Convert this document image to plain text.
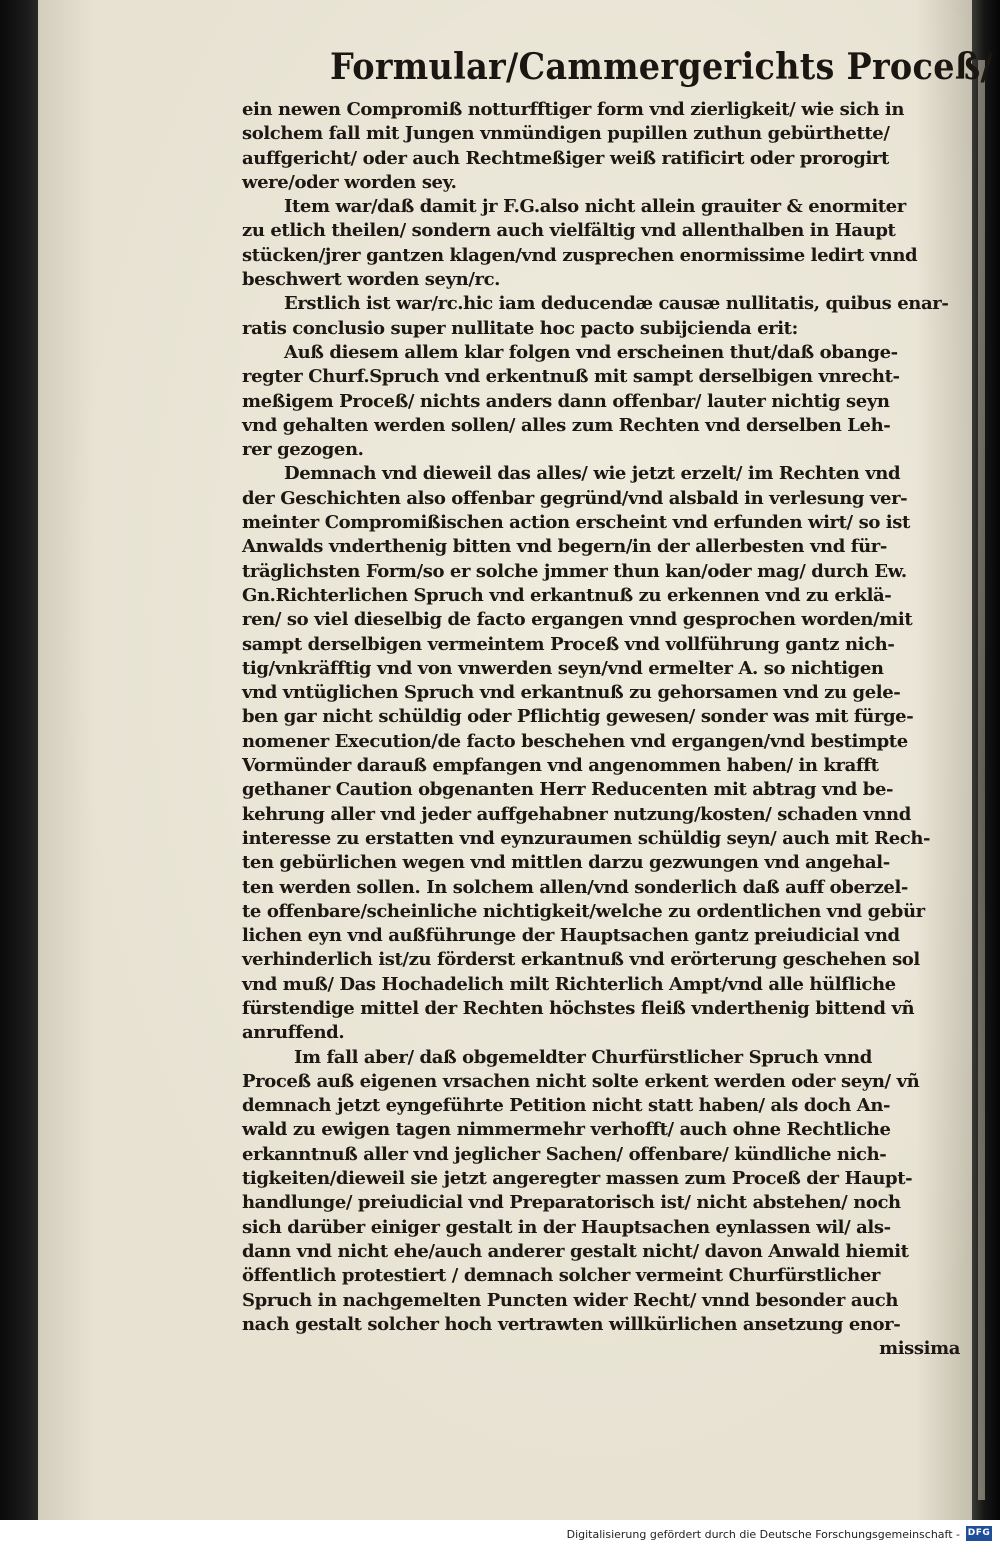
Formular/Cammergerichts Proceß/
ein newen Compromiß notturfftiger form vnd zierligkeit/ wie sich in
solchem fall mit Jungen vnmündigen pupillen zuthun gebürthette/
auffgericht/ oder auch Rechtmeßiger weiß ratificirt oder prorogirt
were/oder worden sey.
Item war/daß damit jr F.G.also nicht allein grauiter & enormiter
zu etlich theilen/ sondern auch vielfältig vnd allenthalben in Haupt
stücken/jrer gantzen klagen/vnd zusprechen enormissime ledirt vnnd
beschwert worden seyn/rc.
Erstlich ist war/rc.hic iam deducendæ causæ nullitatis, quibus enar-
ratis conclusio super nullitate hoc pacto subijcienda erit:
Auß diesem allem klar folgen vnd erscheinen thut/daß obange-
regter Churf.Spruch vnd erkentnuß mit sampt derselbigen vnrecht-
meßigem Proceß/ nichts anders dann offenbar/ lauter nichtig seyn
vnd gehalten werden sollen/ alles zum Rechten vnd derselben Leh-
rer gezogen.
Demnach vnd dieweil das alles/ wie jetzt erzelt/ im Rechten vnd
der Geschichten also offenbar gegründ/vnd alsbald in verlesung ver-
meinter Compromißischen action erscheint vnd erfunden wirt/ so ist
Anwalds vnderthenig bitten vnd begern/in der allerbesten vnd für-
träglichsten Form/so er solche jmmer thun kan/oder mag/ durch Ew.
Gn.Richterlichen Spruch vnd erkantnuß zu erkennen vnd zu erklä-
ren/ so viel dieselbig de facto ergangen vnnd gesprochen worden/mit
sampt derselbigen vermeintem Proceß vnd vollführung gantz nich-
tig/vnkräfftig vnd von vnwerden seyn/vnd ermelter A. so nichtigen
vnd vntüglichen Spruch vnd erkantnuß zu gehorsamen vnd zu gele-
ben gar nicht schüldig oder Pflichtig gewesen/ sonder was mit fürge-
nomener Execution/de facto beschehen vnd ergangen/vnd bestimpte
Vormünder darauß empfangen vnd angenommen haben/ in krafft
gethaner Caution obgenanten Herr Reducenten mit abtrag vnd be-
kehrung aller vnd jeder auffgehabner nutzung/kosten/ schaden vnnd
interesse zu erstatten vnd eynzuraumen schüldig seyn/ auch mit Rech-
ten gebürlichen wegen vnd mittlen darzu gezwungen vnd angehal-
ten werden sollen. In solchem allen/vnd sonderlich daß auff oberzel-
te offenbare/scheinliche nichtigkeit/welche zu ordentlichen vnd gebür
lichen eyn vnd außführunge der Hauptsachen gantz preiudicial vnd
verhinderlich ist/zu förderst erkantnuß vnd erörterung geschehen sol
vnd muß/ Das Hochadelich milt Richterlich Ampt/vnd alle hülfliche
fürstendige mittel der Rechten höchstes fleiß vnderthenig bittend vñ
anruffend.
Im fall aber/ daß obgemeldter Churfürstlicher Spruch vnnd
Proceß auß eigenen vrsachen nicht solte erkent werden oder seyn/ vñ
demnach jetzt eyngeführte Petition nicht statt haben/ als doch An-
wald zu ewigen tagen nimmermehr verhofft/ auch ohne Rechtliche
erkanntnuß aller vnd jeglicher Sachen/ offenbare/ kündliche nich-
tigkeiten/dieweil sie jetzt angeregter massen zum Proceß der Haupt-
handlunge/ preiudicial vnd Preparatorisch ist/ nicht abstehen/ noch
sich darüber einiger gestalt in der Hauptsachen eynlassen wil/ als-
dann vnd nicht ehe/auch anderer gestalt nicht/ davon Anwald hiemit
öffentlich protestiert / demnach solcher vermeint Churfürstlicher
Spruch in nachgemelten Puncten wider Recht/ vnnd besonder auch
nach gestalt solcher hoch vertrawten willkürlichen ansetzung enor-
missima
Digitalisierung gefördert durch die Deutsche Forschungsgemeinschaft - DFG
